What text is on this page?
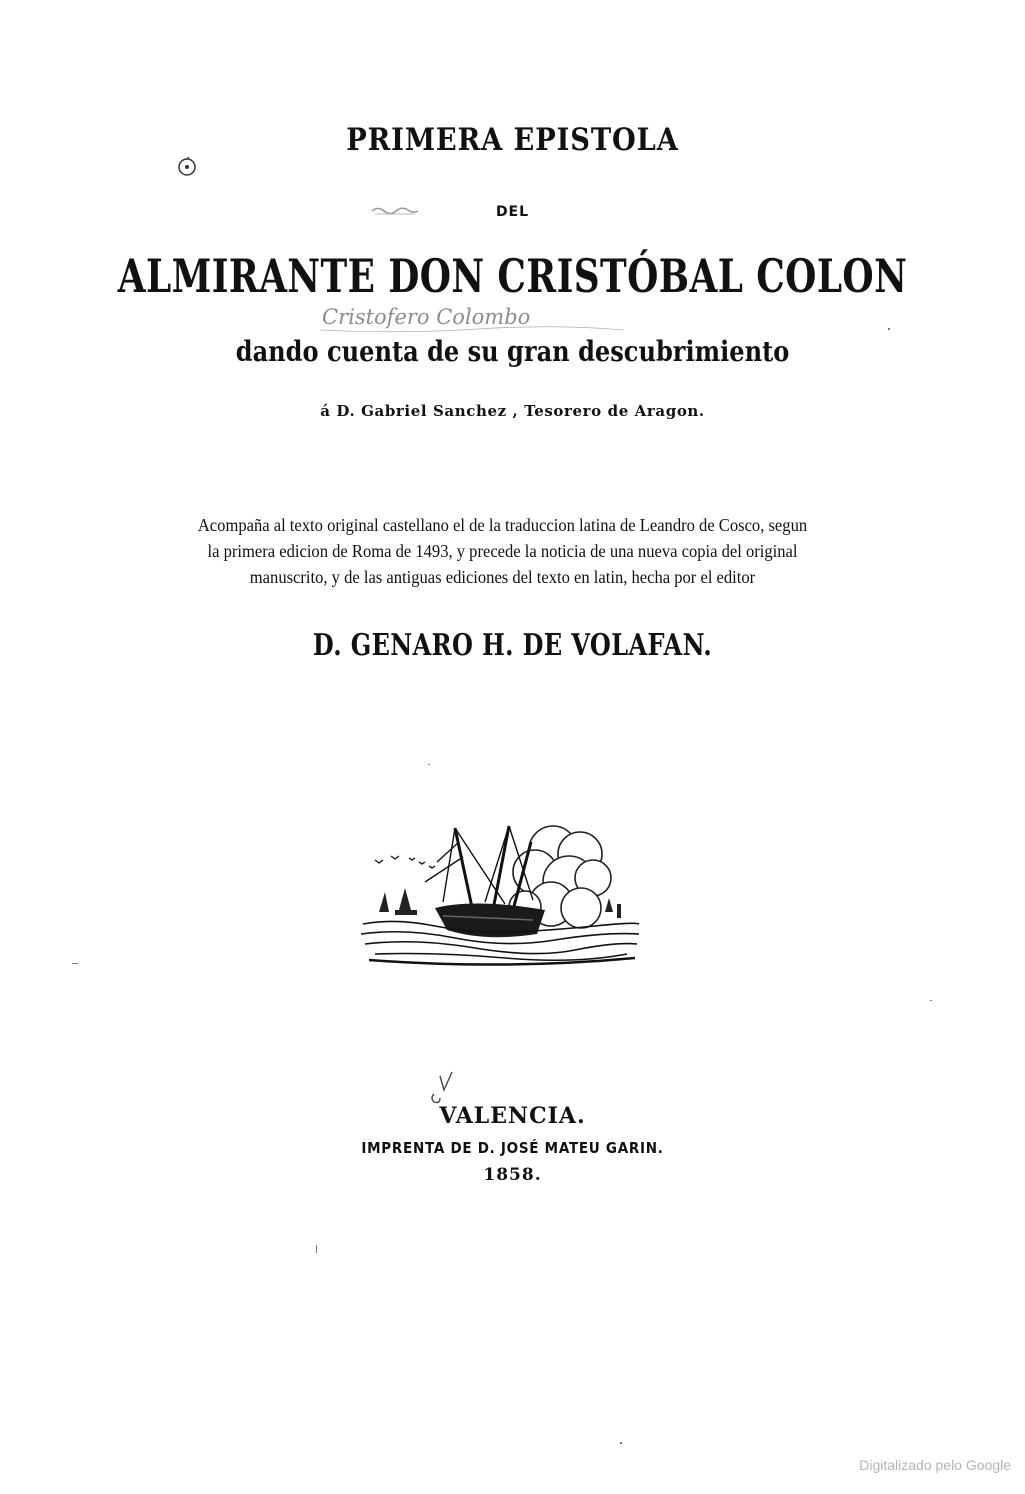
PRIMERA EPISTOLA
DEL
ALMIRANTE DON CRISTÓBAL COLON
Cristofero Colombo
dando cuenta de su gran descubrimiento
á D. Gabriel Sanchez , Tesorero de Aragon.
Acompaña al texto original castellano el de la traduccion latina de Leandro de Cosco, segun
la primera edicion de Roma de 1493, y precede la noticia de una nueva copia del original
manuscrito, y de las antiguas ediciones del texto en latin, hecha por el editor
D. GENARO H. DE VOLAFAN.
VALENCIA.
IMPRENTA DE D. JOSÉ MATEU GARIN.
1858.
Digitalizado pelo Google
